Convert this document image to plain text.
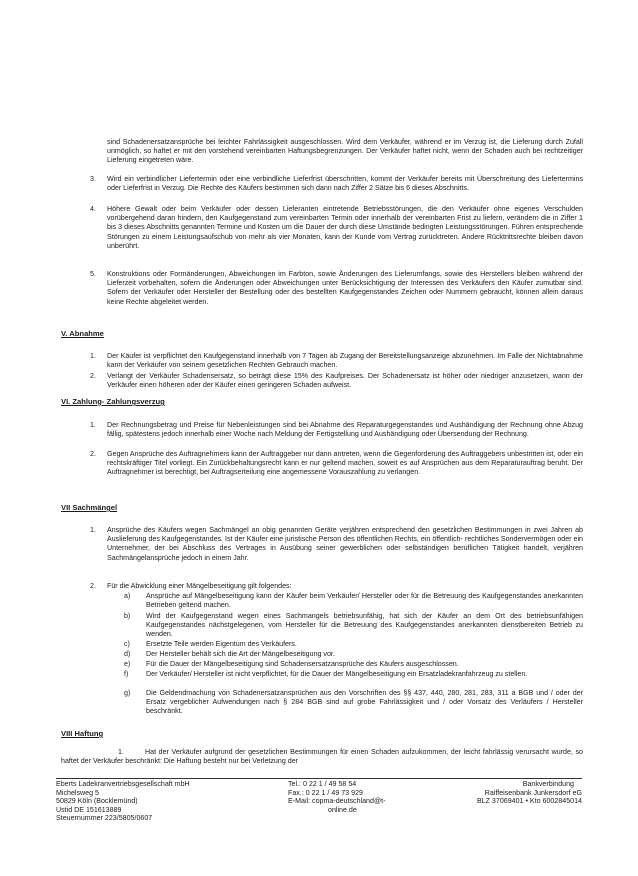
sind Schadenersatzansprüche bei leichter Fahrlässigkeit ausgeschlossen. Wird dem Verkäufer, während er im Verzug ist, die Lieferung durch Zufall unmöglich, so haftet er mit den vorstehend vereinbarten Haftungsbegrenzungen. Der Verkäufer haftet nicht, wenn der Schaden auch bei rechtzeitiger Lieferung eingetreten wäre.

3. Wird ein verbindlicher Liefertermin oder eine verbindliche Lieferfrist überschritten, kommt der Verkäufer bereits mit Überschreitung des Liefertermins oder Lieferfrist in Verzug. Die Rechte des Käufers bestimmen sich dann nach Ziffer 2 Sätze bis 6 dieses Abschnitts.

4. Höhere Gewalt oder beim Verkäufer oder dessen Lieferanten eintretende Betriebsstörungen, die den Verkäufer ohne eigenes Verschulden vorübergehend daran hindern, den Kaufgegenstand zum vereinbarten Termin oder innerhalb der vereinbarten Frist zu liefern, verändern die in Ziffer 1 bis 3 dieses Abschnitts genannten Termine und Kosten um die Dauer der durch diese Umstände bedingten Leistungsstörungen. Führen entsprechende Störungen zu einem Leistungsaufschub von mehr als vier Monaten, kann der Kunde vom Vertrag zurücktreten. Andere Rücktrittsrechte bleiben davon unberührt.

5. Konstruktions oder Formänderungen, Abweichungen im Farbton, sowie Änderungen des Lieferumfangs, sowie des Herstellers bleiben während der Lieferzeit vorbehalten, sofern die Änderungen oder Abweichungen unter Berücksichtigung der Interessen des Verkäufers den Käufer zumutbar sind. Sofern der Verkäufer oder Hersteller der Bestellung oder des bestellten Kaufgegenstandes Zeichen oder Nummern gebraucht, können allein daraus keine Rechte abgeleitet werden.

V. Abnahme
1. Der Käufer ist verpflichtet den Kaufgegenstand innerhalb von 7 Tagen ab Zugang der Bereitstellungsanzeige abzunehmen. Im Falle der Nichtabnahme kann der Verkäufer von seinem gesetzlichen Rechten Gebrauch machen.

2. Verlangt der Verkäufer Schadensersatz, so beträgt diese 15% des Kaufpreises. Der Schadenersatz ist höher oder niedriger anzusetzen, wann der Verkäufer einen höheren oder der Käufer einen geringeren Schaden aufweist.

VI. Zahlung- Zahlungsverzug
1. Der Rechnungsbetrag und Preise für Nebenleistungen sind bei Abnahme des Reparaturgegenstandes und Aushändigung der Rechnung ohne Abzug fällig, spätestens jedoch innerhalb einer Woche nach Meldung der Fertigstellung und Aushändigung oder Übersendung der Rechnung.

2. Gegen Ansprüche des Auftragnehmers kann der Auftraggeber nur dann antreten, wenn die Gegenforderung des Auftraggebers unbestritten ist, oder ein rechtskräftiger Titel vorliegt. Ein Zurückbehaltungsrecht kann er nur geltend machen, soweit es auf Ansprüchen aus dem Reparaturauftrag beruht. Der Auftragnehmer ist berechtigt, bei Auftragserteilung eine angemessene Vorauszahlung zu verlangen.

VII Sachmängel
1. Ansprüche des Käufers wegen Sachmängel an obig genannten Geräte verjähren entsprechend den gesetzlichen Bestimmungen in zwei Jahren ab Auslieferung des Kaufgegenstandes. Ist der Käufer eine juristische Person des öffentlichen Rechts, ein öffentlich- rechtliches Sondervermögen oder ein Unternehmer, der bei Abschluss des Vertrages in Ausübung seiner gewerblichen oder selbständigen beruflichen Tätigkeit handelt, verjähren Sachmängelansprüche jedoch in einem Jahr.

2. Für die Abwicklung einer Mängelbeseitigung gilt folgendes:

a) Ansprüche auf Mängelbeseitigung kann der Käufer beim Verkäufer/ Hersteller oder für die Betreuung des Kaufgegenstandes anerkannten Betrieben geltend machen.

b) Wird der Kaufgegenstand wegen eines Sachmangels betriebsunfähig, hat sich der Käufer an dem Ort des betriebsunfähigen Kaufgegenstandes nächstgelegenen, vom Hersteller für die Betreuung des Kaufgegenstandes anerkannten dienstbereiten Betrieb zu wenden.

c) Ersetzte Teile werden Eigentum des Verkäufers.

d) Der Hersteller behält sich die Art der Mängelbeseitigung vor.

e) Für die Dauer der Mängelbeseitigung sind Schadensersatzansprüche des Käufers ausgeschlossen.

f) Der Verkäufer/ Hersteller ist nicht verpflichtet, für die Dauer der Mängelbeseitigung ein Ersatzladekranfahrzeug zu stellen.

g) Die Geldendmachung von Schadenersatzansprüchen aus den Vorschriften des §§ 437, 440, 280, 281, 283, 311 a BGB und / oder der Ersatz vergeblicher Aufwendungen nach § 284 BGB sind auf grobe Fahrlässigkeit und / oder Vorsatz des Verläufers / Hersteller beschränkt.

VIII Haftung
1.	Hat der Verkäufer aufgrund der gesetzlichen Bestimmungen für einen Schaden aufzukommen, der leicht fahrlässig verursacht wurde, so haftet der Verkäufer beschränkt: Die Haftung besteht nur bei Verletzung der

Eberts Ladekranvertriebsgesellschaft mbH
Michelsweg 5
50829 Köln (Bocklemünd)
Ustid DE 151613889
Steuernummer 223/5805/0607
Tel.: 0 22 1 / 49 58 54
Fax.: 0 22 1 / 49 73 929
E-Mail: copma-deutschland@t-
online.de
Bankverbindung
Raiffeisenbank Junkersdorf eG
BLZ 37069401 • Kto 6002845014
